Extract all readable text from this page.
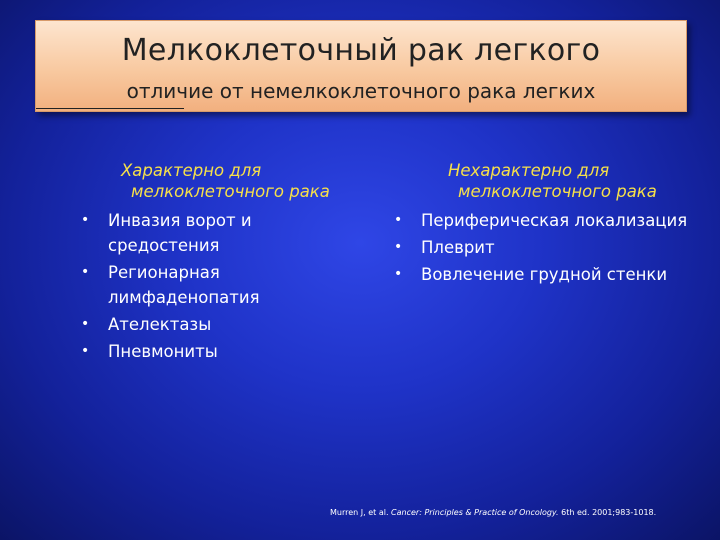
Мелкоклеточный рак легкого
отличие от немелкоклеточного рака легких
Характерно для
мелкоклеточного рака
• Инвазия ворот и средостения
• Регионарная лимфаденопатия
• Ателектазы
• Пневмониты
Нехарактерно для
мелкоклеточного рака
• Периферическая локализация
• Плеврит
• Вовлечение грудной стенки
Murren J, et al. Cancer: Principles & Practice of Oncology. 6th ed. 2001;983-1018.
